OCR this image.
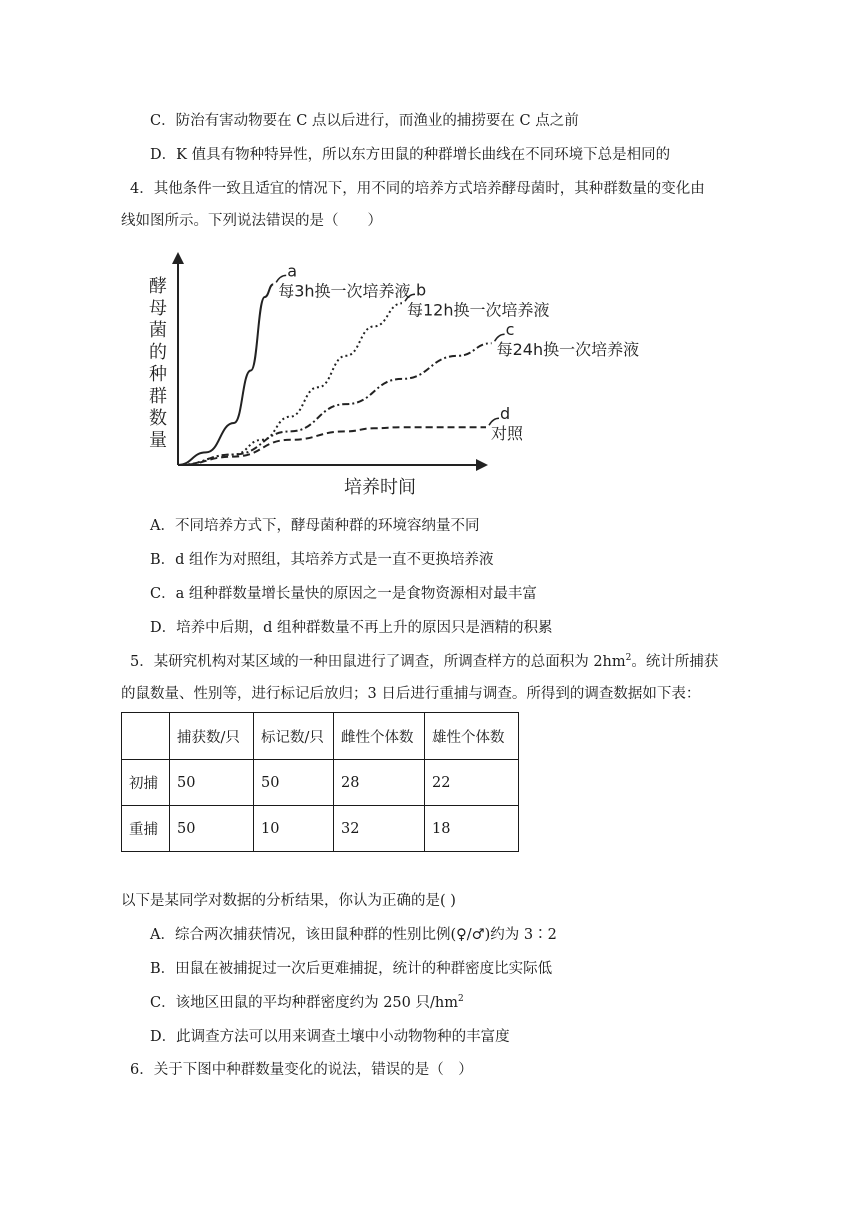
C．防治有害动物要在 C 点以后进行，而渔业的捕捞要在 C 点之前
D．K 值具有物种特异性，所以东方田鼠的种群增长曲线在不同环境下总是相同的
4．其他条件一致且适宜的情况下，用不同的培养方式培养酵母菌时，其种群数量的变化由
线如图所示。下列说法错误的是（　　）
酵
母
菌
的
种
群
数
量
培养时间
a
每3h换一次培养液 b
每12h换一次培养液
c
每24h换一次培养液
d
对照
A．不同培养方式下，酵母菌种群的环境容纳量不同
B．d 组作为对照组，其培养方式是一直不更换培养液
C．a 组种群数量增长量快的原因之一是食物资源相对最丰富
D．培养中后期，d 组种群数量不再上升的原因只是酒精的积累
5．某研究机构对某区域的一种田鼠进行了调查，所调查样方的总面积为 $2hm^2$。统计所捕获
的鼠数量、性别等，进行标记后放归；3 日后进行重捕与调查。所得到的调查数据如下表：
	捕获数/只	标记数/只	雌性个体数	雄性个体数
初捕	50	50	28	22
重捕	50	10	32	18
以下是某同学对数据的分析结果，你认为正确的是( )
A．综合两次捕获情况，该田鼠种群的性别比例(♀/♂)约为 3∶2
B．田鼠在被捕捉过一次后更难捕捉，统计的种群密度比实际低
C．该地区田鼠的平均种群密度约为 250 只$/hm^2$
D．此调查方法可以用来调查土壤中小动物物种的丰富度
6．关于下图中种群数量变化的说法，错误的是（　）
